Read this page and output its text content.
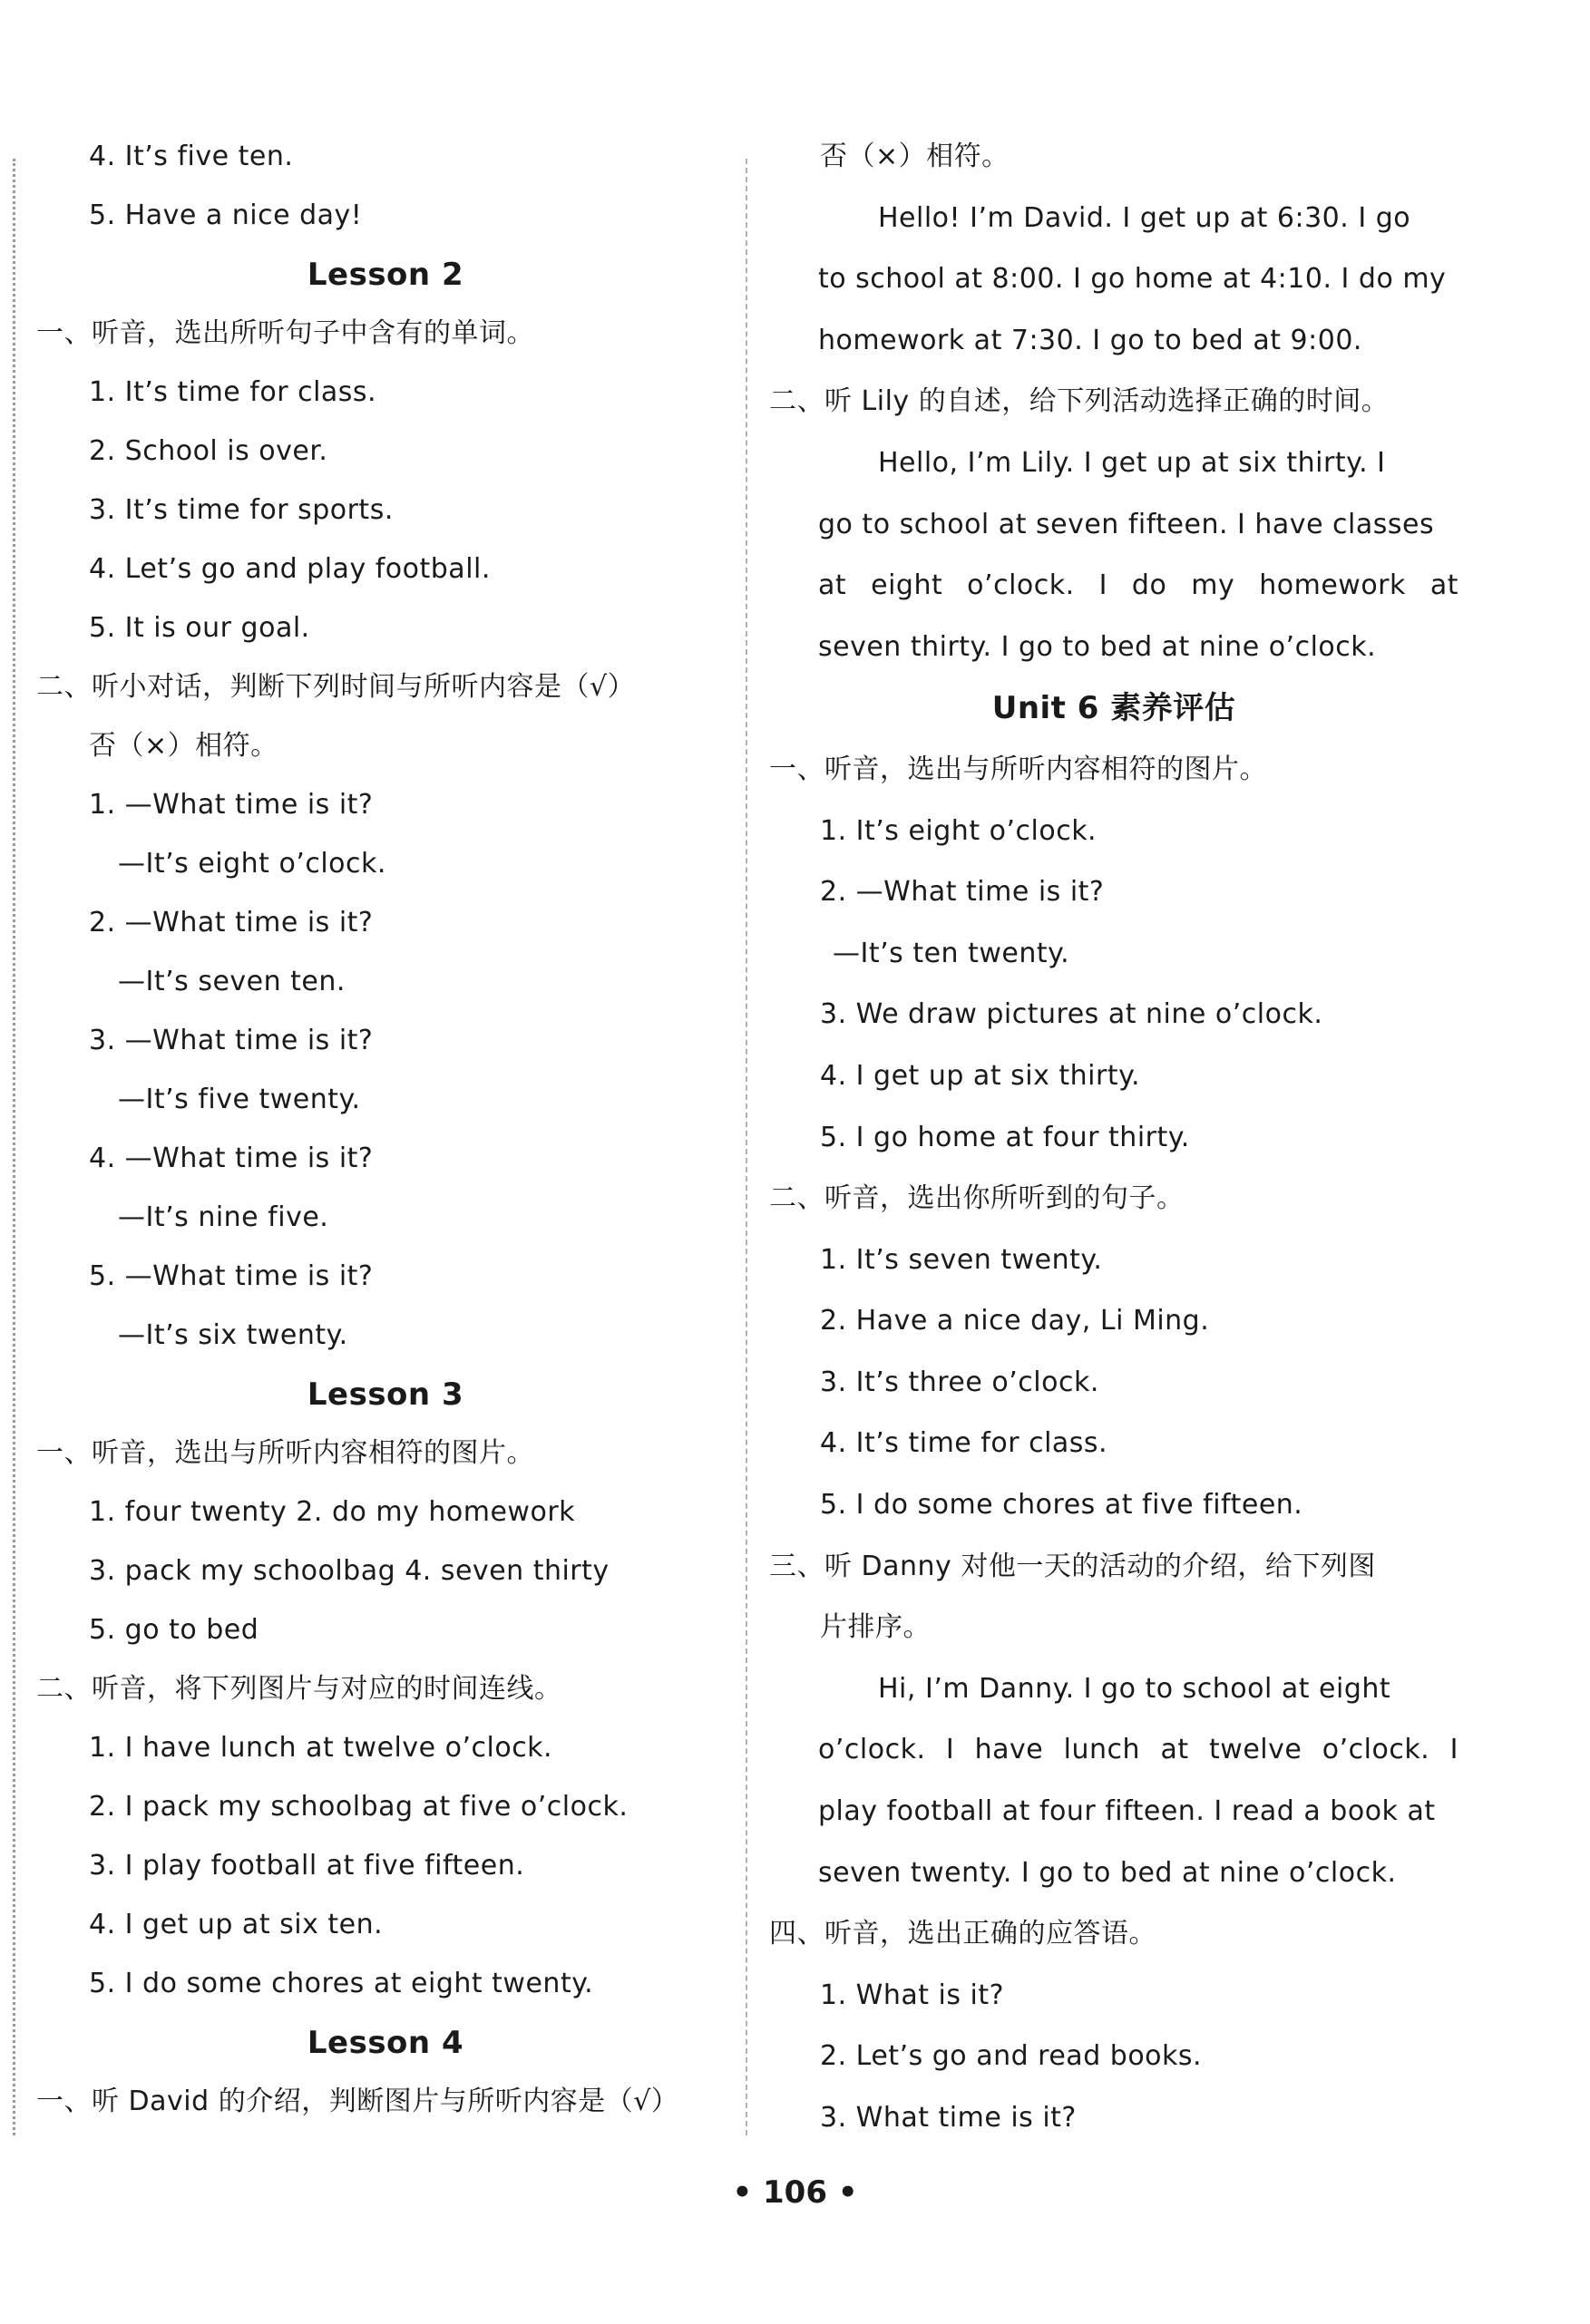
4. It’s five ten.
5. Have a nice day!
Lesson 2
一、听音，选出所听句子中含有的单词。
1. It’s time for class.
2. School is over.
3. It’s time for sports.
4. Let’s go and play football.
5. It is our goal.
二、听小对话，判断下列时间与所听内容是（√）
否（×）相符。
1. —What time is it?
—It’s eight o’clock.
2. —What time is it?
—It’s seven ten.
3. —What time is it?
—It’s five twenty.
4. —What time is it?
—It’s nine five.
5. —What time is it?
—It’s six twenty.
Lesson 3
一、听音，选出与所听内容相符的图片。
1. four twenty 2. do my homework
3. pack my schoolbag 4. seven thirty
5. go to bed
二、听音，将下列图片与对应的时间连线。
1. I have lunch at twelve o’clock.
2. I pack my schoolbag at five o’clock.
3. I play football at five fifteen.
4. I get up at six ten.
5. I do some chores at eight twenty.
Lesson 4
一、听 David 的介绍，判断图片与所听内容是（√）
否（×）相符。
Hello! I’m David. I get up at 6:30. I go
to school at 8:00. I go home at 4:10. I do my
homework at 7:30. I go to bed at 9:00.
二、听 Lily 的自述，给下列活动选择正确的时间。
Hello, I’m Lily. I get up at six thirty. I
go to school at seven fifteen. I have classes
at eight o’clock. I do my homework at
seven thirty. I go to bed at nine o’clock.
Unit 6 素养评估
一、听音，选出与所听内容相符的图片。
1. It’s eight o’clock.
2. —What time is it?
—It’s ten twenty.
3. We draw pictures at nine o’clock.
4. I get up at six thirty.
5. I go home at four thirty.
二、听音，选出你所听到的句子。
1. It’s seven twenty.
2. Have a nice day, Li Ming.
3. It’s three o’clock.
4. It’s time for class.
5. I do some chores at five fifteen.
三、听 Danny 对他一天的活动的介绍，给下列图
片排序。
Hi, I’m Danny. I go to school at eight
o’clock. I have lunch at twelve o’clock. I
play football at four fifteen. I read a book at
seven twenty. I go to bed at nine o’clock.
四、听音，选出正确的应答语。
1. What is it?
2. Let’s go and read books.
3. What time is it?
• 106 •
